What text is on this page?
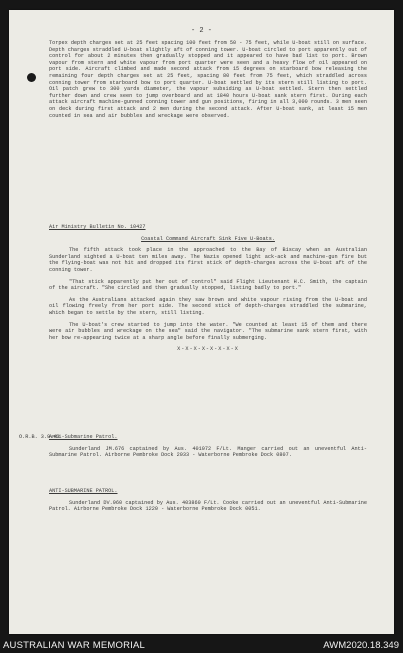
- 2 -

Torpex depth charges set at 25 feet spacing 100 feet from 50 - 75 feet, while U-boat still on surface. Depth charges straddled U-boat slightly aft of conning tower. U-boat circled to port apparently out of control for about 2 minutes then gradually stopped and it appeared to have bad list to port. Brown vapour from stern and white vapour from port quarter were seen and a heavy flow of oil appeared on port side. Aircraft climbed and made second attack from 15 degrees on starboard bow releasing the remaining four depth charges set at 25 feet, spacing 80 feet from 75 feet, which straddled across conning tower from starboard bow to port quarter. U-boat settled by its stern still listing to port. Oil patch grew to 300 yards diameter, the vapour subsiding as U-boat settled. Stern then settled further down and crew seen to jump overboard and at 1840 hours U-boat sank stern first. During each attack aircraft machine-gunned conning tower and gun positions, firing in all 3,000 rounds. 3 men seen on deck during first attack and 2 men during the second attack. After U-boat sank, at least 15 men counted in sea and air bubbles and wreckage were observed.

Air Ministry Bulletin No. 10427

Coastal Command Aircraft Sink Five U-Boats.

The fifth attack took place in the approached to the Bay of Biscay when an Australian Sunderland sighted a U-boat ten miles away. The Nazis opened light ack-ack and machine-gun fire but the flying-boat was not hit and dropped its first stick of depth-charges across the U-boat aft of the conning tower.

"That stick apparently put her out of control" said Flight Lieutenant H.C. Smith, the captain of the aircraft. "She circled and then gradually stopped, listing badly to port."

As the Australians attacked again they saw brown and white vapour rising from the U-boat and oil flowing freely from her port side. The second stick of depth-charges straddled the submarine, which began to settle by the stern, still listing.

The U-boat's crew started to jump into the water. "We counted at least 15 of them and there were air bubbles and wreckage on the sea" said the navigator. "The submarine sank stern first, with her bow re-appearing twice at a sharp angle before finally submerging.

X-X-X-X-X-X-X-X

O.R.B. 3.9.43

Anti-Submarine Patrol.

Sunderland JM.676 captained by Aus. 401072 F/Lt. Manger carried out an uneventful Anti-Submarine Patrol. Airborne Pembroke Dock 2033 - Waterborne Pembroke Dock 0807.

ANTI-SUBMARINE PATROL.

Sunderland DV.960 captained by Aus. 403860 F/Lt. Cooke carried out an uneventful Anti-Submarine Patrol. Airborne Pembroke Dock 1220 - Waterborne Pembroke Dock 0051.

AUSTRALIAN WAR MEMORIAL	AWM2020.18.349
